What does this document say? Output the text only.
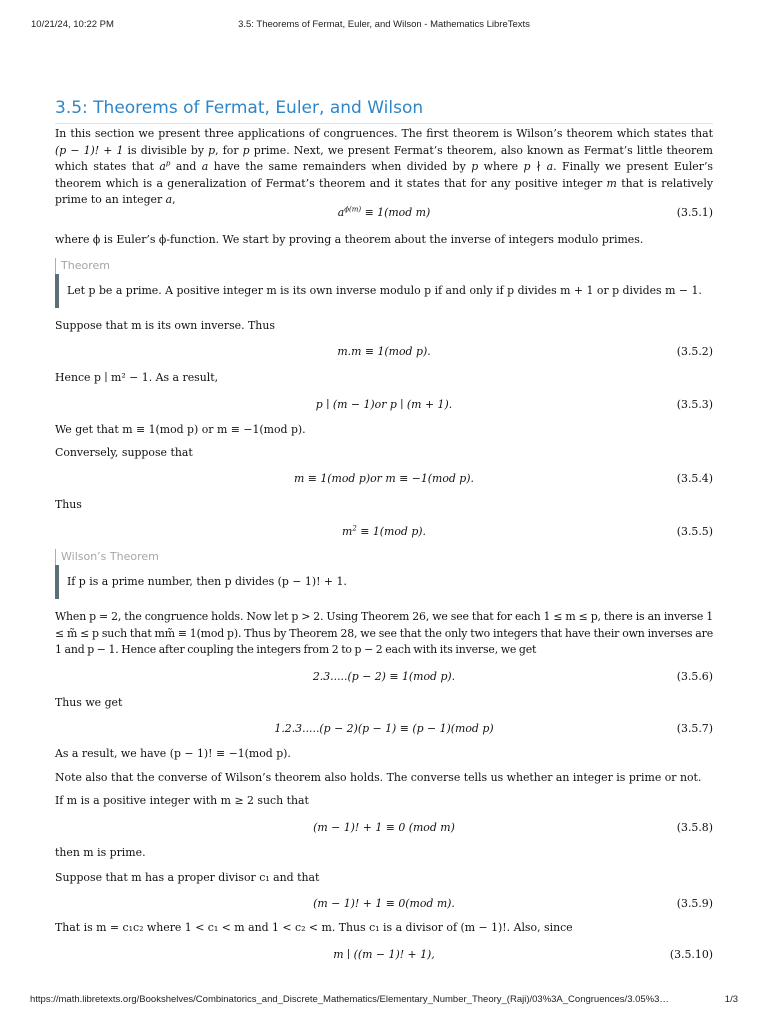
10/21/24, 10:22 PM	3.5: Theorems of Fermat, Euler, and Wilson - Mathematics LibreTexts
3.5: Theorems of Fermat, Euler, and Wilson

In this section we present three applications of congruences. The first theorem is Wilson’s theorem which states that (p − 1)! + 1 is divisible by p, for p prime. Next, we present Fermat’s theorem, also known as Fermat’s little theorem which states that $a^p$ and a have the same remainders when divided by p where p ∤ a. Finally we present Euler’s theorem which is a generalization of Fermat’s theorem and it states that for any positive integer m that is relatively prime to an integer a,

$a^{\phi(m)} \equiv 1(mod$ m)	(3.5.1)

where ϕ is Euler’s ϕ-function. We start by proving a theorem about the inverse of integers modulo primes.

Theorem
Let p be a prime. A positive integer m is its own inverse modulo p if and only if p divides m + 1 or p divides m − 1.

Suppose that m is its own inverse. Thus

m.m ≡ 1(mod p).	(3.5.2)

Hence p ∣ m² − 1. As a result,

p ∣ (m − 1)or p ∣ (m + 1).	(3.5.3)

We get that m ≡ 1(mod p) or m ≡ −1(mod p).

Conversely, suppose that

m ≡ 1(mod p)or m ≡ −1(mod p).	(3.5.4)

Thus

$m^2 \equiv 1(mod$ p).	(3.5.5)
Wilson’s Theorem
If p is a prime number, then p divides (p − 1)! + 1.

When p = 2, the congruence holds. Now let p > 2. Using Theorem 26, we see that for each 1 ≤ m ≤ p, there is an inverse 1 ≤ m̃ ≤ p such that mm̃ ≡ 1(mod p). Thus by Theorem 28, we see that the only two integers that have their own inverses are 1 and p − 1. Hence after coupling the integers from 2 to p − 2 each with its inverse, we get

2.3.....(p − 2) ≡ 1(mod p).	(3.5.6)

Thus we get

1.2.3.....(p − 2)(p − 1) ≡ (p − 1)(mod p)	(3.5.7)

As a result, we have (p − 1)! ≡ −1(mod p).

Note also that the converse of Wilson’s theorem also holds. The converse tells us whether an integer is prime or not.

If m is a positive integer with m ≥ 2 such that

(m − 1)! + 1 ≡ 0 (mod m)	(3.5.8)

then m is prime.

Suppose that m has a proper divisor c₁ and that

(m − 1)! + 1 ≡ 0(mod m).	(3.5.9)

That is m = c₁c₂ where 1 < c₁ < m and 1 < c₂ < m. Thus c₁ is a divisor of (m − 1)!. Also, since

m ∣ ((m − 1)! + 1),	(3.5.10)
https://math.libretexts.org/Bookshelves/Combinatorics_and_Discrete_Mathematics/Elementary_Number_Theory_(Raji)/03%3A_Congruences/3.05%3…	1/3
